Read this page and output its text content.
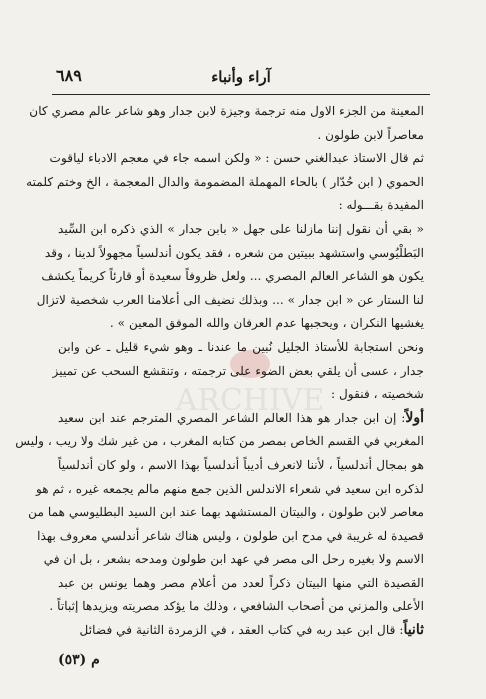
آراء وأنباء
٦٨٩
ARCHIVE
المعينة من الجزء الاول منه ترجمة وجيزة لابن جدار وهو شاعر عالم مصري كان
معاصراً لابن طولون .
ثم قال الاستاذ عبدالغني حسن : « ولكن اسمه جاء في معجم الادباء لياقوت
الحموي ( ابن حُدّار ) بالحاء المهملة المضمومة والدال المعجمة ، الخ وختم كلمته
المفيدة بقـــوله :
« بقي أن نقول إننا مازلنا على جهل « بابن جدار » الذي ذكره ابن السِّيد
البَطلْيُوسي واستشهد ببيتين من شعره ، فقد يكون أندلسياً مجهولاً لدينا ، وقد
يكون هو الشاعر العالم المصري ... ولعل ظروفاً سعيدة أو قارئاً كريماً يكشف
لنا الستار عن « ابن جدار » ... وبذلك نضيف الى أعلامنا العرب شخصية لاتزال
يغشيها النكران ، ويحجبها عدم العرفان والله الموفق المعين » .
ونحن استجابة للأستاذ الجليل نُبين ما عندنا ـ وهو شيء قليل ـ عن وابن
جدار ، عسى أن يلقي بعض الضوء على ترجمته ، وتنقشع السحب عن تمييز
شخصيته ، فنقول :
أولاً: إن ابن جدار هو هذا العالم الشاعر المصري المترجم عند ابن سعيد
المغربي في القسم الخاص بمصر من كتابه المغرب ، من غير شك ولا ريب ، وليس
هو بمجال أندلسياً ، لأننا لانعرف أديباً أندلسياً بهذا الاسم ، ولو كان أندلسياً
لذكره ابن سعيد في شعراء الاندلس الذين جمع منهم مالم يجمعه غيره ، ثم هو
معاصر لابن طولون ، والبيتان المستشهد بهما عند ابن السيد البطليوسي هما من
قصيدة له غريبة في مدح ابن طولون ، وليس هناك شاعر أندلسي معروف بهذا
الاسم ولا بغيره رحل الى مصر في عهد ابن طولون ومدحه بشعر ، بل ان في
القصيدة التي منها البيتان ذكراً لعدد من أعلام مصر وهما يونس بن عبد
الأعلى والمزني من أصحاب الشافعي ، وذلك ما يؤكد مصريته ويزيدها إثباتاً .
ثانياً: قال ابن عبد ربه في كتاب العقد ، في الزمردة الثانية في فضائل
م (٥٣)
